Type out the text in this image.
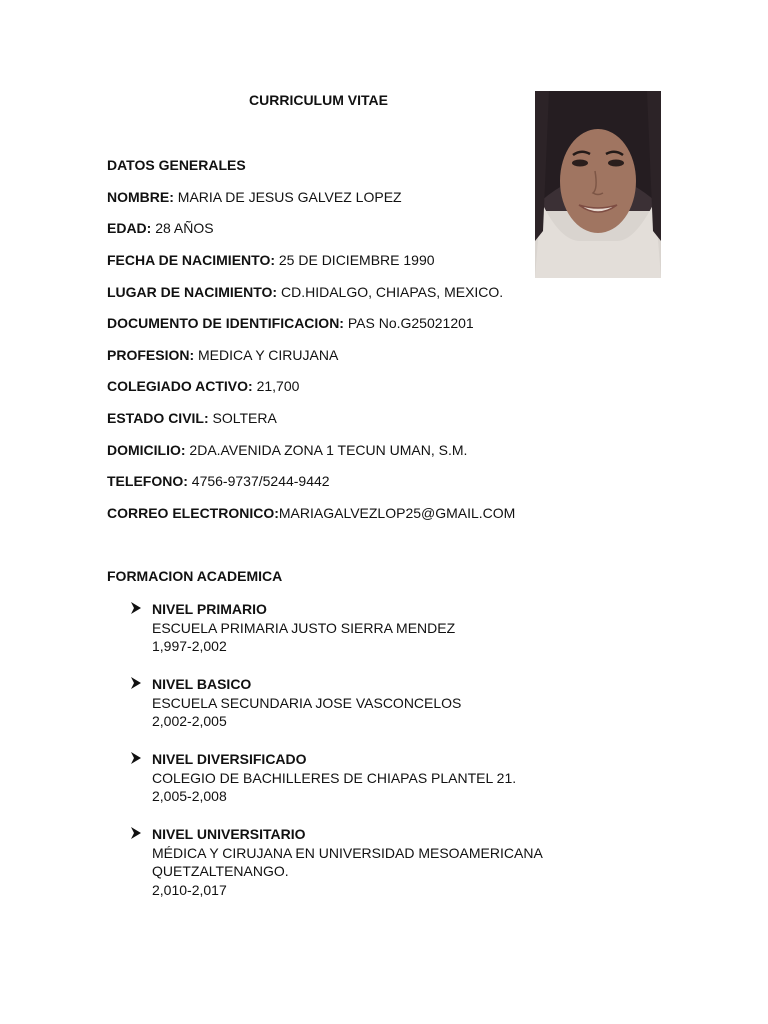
CURRICULUM VITAE
DATOS GENERALES
NOMBRE: MARIA DE JESUS GALVEZ LOPEZ
EDAD: 28 AÑOS
FECHA DE NACIMIENTO: 25 DE DICIEMBRE 1990
LUGAR DE NACIMIENTO: CD.HIDALGO, CHIAPAS, MEXICO.
DOCUMENTO DE IDENTIFICACION: PAS No.G25021201
PROFESION: MEDICA Y CIRUJANA
COLEGIADO ACTIVO: 21,700
ESTADO CIVIL: SOLTERA
DOMICILIO: 2DA.AVENIDA ZONA 1 TECUN UMAN, S.M.
TELEFONO: 4756-9737/5244-9442
CORREO ELECTRONICO:MARIAGALVEZLOP25@GMAIL.COM
FORMACION ACADEMICA
NIVEL PRIMARIO
ESCUELA PRIMARIA JUSTO SIERRA MENDEZ
1,997-2,002
NIVEL BASICO
ESCUELA SECUNDARIA JOSE VASCONCELOS
2,002-2,005
NIVEL DIVERSIFICADO
COLEGIO DE BACHILLERES DE CHIAPAS PLANTEL 21.
2,005-2,008
NIVEL UNIVERSITARIO
MÉDICA Y CIRUJANA EN UNIVERSIDAD MESOAMERICANA
QUETZALTENANGO.
2,010-2,017
